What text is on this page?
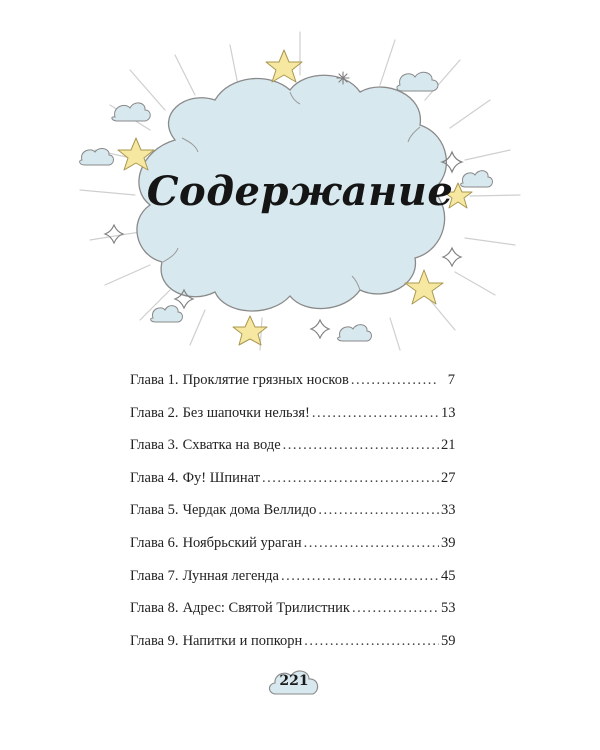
Содержание
Глава 1. Проклятие грязных носков .....	7
Глава 2. Без шапочки нельзя! .....	13
Глава 3. Схватка на воде .....	21
Глава 4. Фу! Шпинат .....	27
Глава 5. Чердак дома Веллидо .....	33
Глава 6. Ноябрьский ураган .....	39
Глава 7. Лунная легенда .....	45
Глава 8. Адрес: Святой Трилистник .....	53
Глава 9. Напитки и попкорн .....	59
221
